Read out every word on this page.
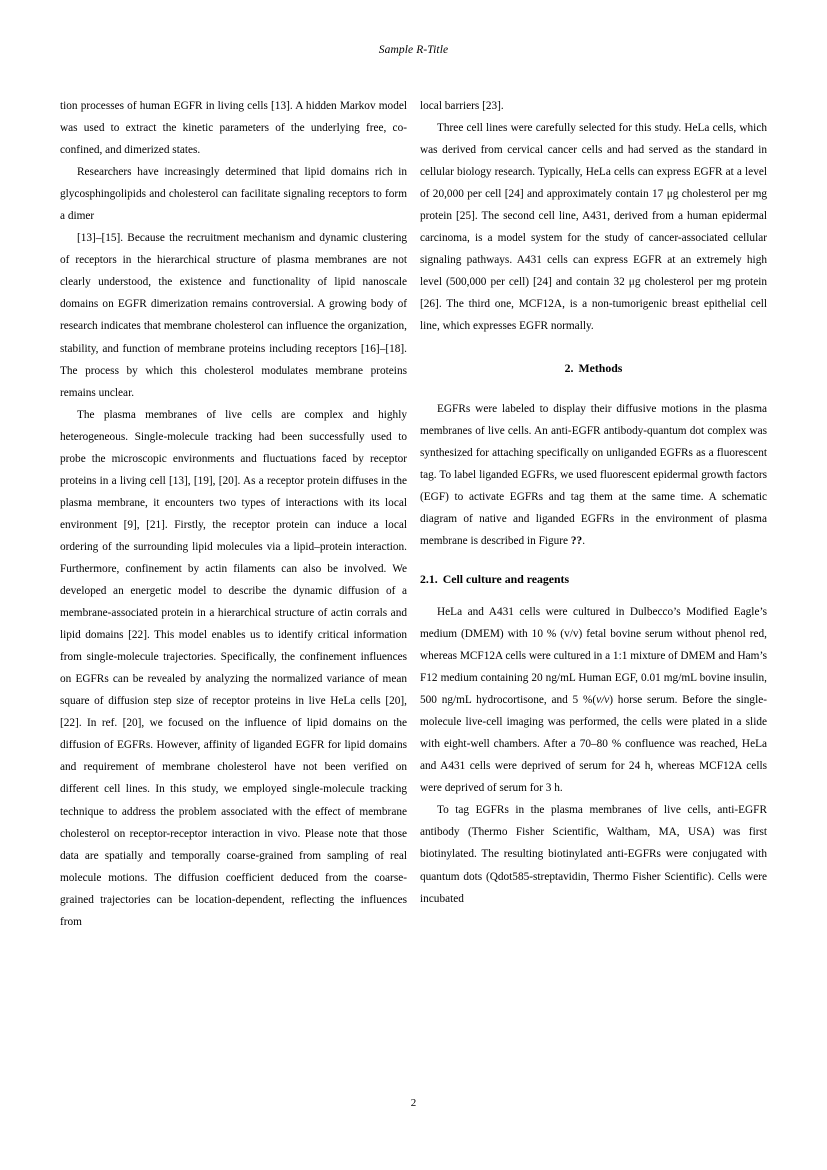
Sample R-Title

tion processes of human EGFR in living cells [13]. A hidden Markov model was used to extract the kinetic parameters of the underlying free, co-confined, and dimerized states.

Researchers have increasingly determined that lipid domains rich in glycosphingolipids and cholesterol can facilitate signaling receptors to form a dimer

[13]–[15]. Because the recruitment mechanism and dynamic clustering of receptors in the hierarchical structure of plasma membranes are not clearly understood, the existence and functionality of lipid nanoscale domains on EGFR dimerization remains controversial. A growing body of research indicates that membrane cholesterol can influence the organization, stability, and function of membrane proteins including receptors [16]–[18]. The process by which this cholesterol modulates membrane proteins remains unclear.

The plasma membranes of live cells are complex and highly heterogeneous. Single-molecule tracking had been successfully used to probe the microscopic environments and fluctuations faced by receptor proteins in a living cell [13], [19], [20]. As a receptor protein diffuses in the plasma membrane, it encounters two types of interactions with its local environment [9], [21]. Firstly, the receptor protein can induce a local ordering of the surrounding lipid molecules via a lipid–protein interaction. Furthermore, confinement by actin filaments can also be involved. We developed an energetic model to describe the dynamic diffusion of a membrane-associated protein in a hierarchical structure of actin corrals and lipid domains [22]. This model enables us to identify critical information from single-molecule trajectories. Specifically, the confinement influences on EGFRs can be revealed by analyzing the normalized variance of mean square of diffusion step size of receptor proteins in live HeLa cells [20], [22]. In ref. [20], we focused on the influence of lipid domains on the diffusion of EGFRs. However, affinity of liganded EGFR for lipid domains and requirement of membrane cholesterol have not been verified on different cell lines. In this study, we employed single-molecule tracking technique to address the problem associated with the effect of membrane cholesterol on receptor-receptor interaction in vivo. Please note that those data are spatially and temporally coarse-grained from sampling of real molecule motions. The diffusion coefficient deduced from the coarse-grained trajectories can be location-dependent, reflecting the influences from

local barriers [23].

Three cell lines were carefully selected for this study. HeLa cells, which was derived from cervical cancer cells and had served as the standard in cellular biology research. Typically, HeLa cells can express EGFR at a level of 20,000 per cell [24] and approximately contain 17 μg cholesterol per mg protein [25]. The second cell line, A431, derived from a human epidermal carcinoma, is a model system for the study of cancer-associated cellular signaling pathways. A431 cells can express EGFR at an extremely high level (500,000 per cell) [24] and contain 32 μg cholesterol per mg protein [26]. The third one, MCF12A, is a non-tumorigenic breast epithelial cell line, which expresses EGFR normally.

2. Methods

EGFRs were labeled to display their diffusive motions in the plasma membranes of live cells. An anti-EGFR antibody-quantum dot complex was synthesized for attaching specifically on unliganded EGFRs as a fluorescent tag. To label liganded EGFRs, we used fluorescent epidermal growth factors (EGF) to activate EGFRs and tag them at the same time. A schematic diagram of native and liganded EGFRs in the environment of plasma membrane is described in Figure ??.

2.1. Cell culture and reagents

HeLa and A431 cells were cultured in Dulbecco’s Modified Eagle’s medium (DMEM) with 10 % (v/v) fetal bovine serum without phenol red, whereas MCF12A cells were cultured in a 1:1 mixture of DMEM and Ham’s F12 medium containing 20 ng/mL Human EGF, 0.01 mg/mL bovine insulin, 500 ng/mL hydrocortisone, and 5 %(v/v) horse serum. Before the single-molecule live-cell imaging was performed, the cells were plated in a slide with eight-well chambers. After a 70–80 % confluence was reached, HeLa and A431 cells were deprived of serum for 24 h, whereas MCF12A cells were deprived of serum for 3 h.

To tag EGFRs in the plasma membranes of live cells, anti-EGFR antibody (Thermo Fisher Scientific, Waltham, MA, USA) was first biotinylated. The resulting biotinylated anti-EGFRs were conjugated with quantum dots (Qdot585-streptavidin, Thermo Fisher Scientific). Cells were incubated

2
